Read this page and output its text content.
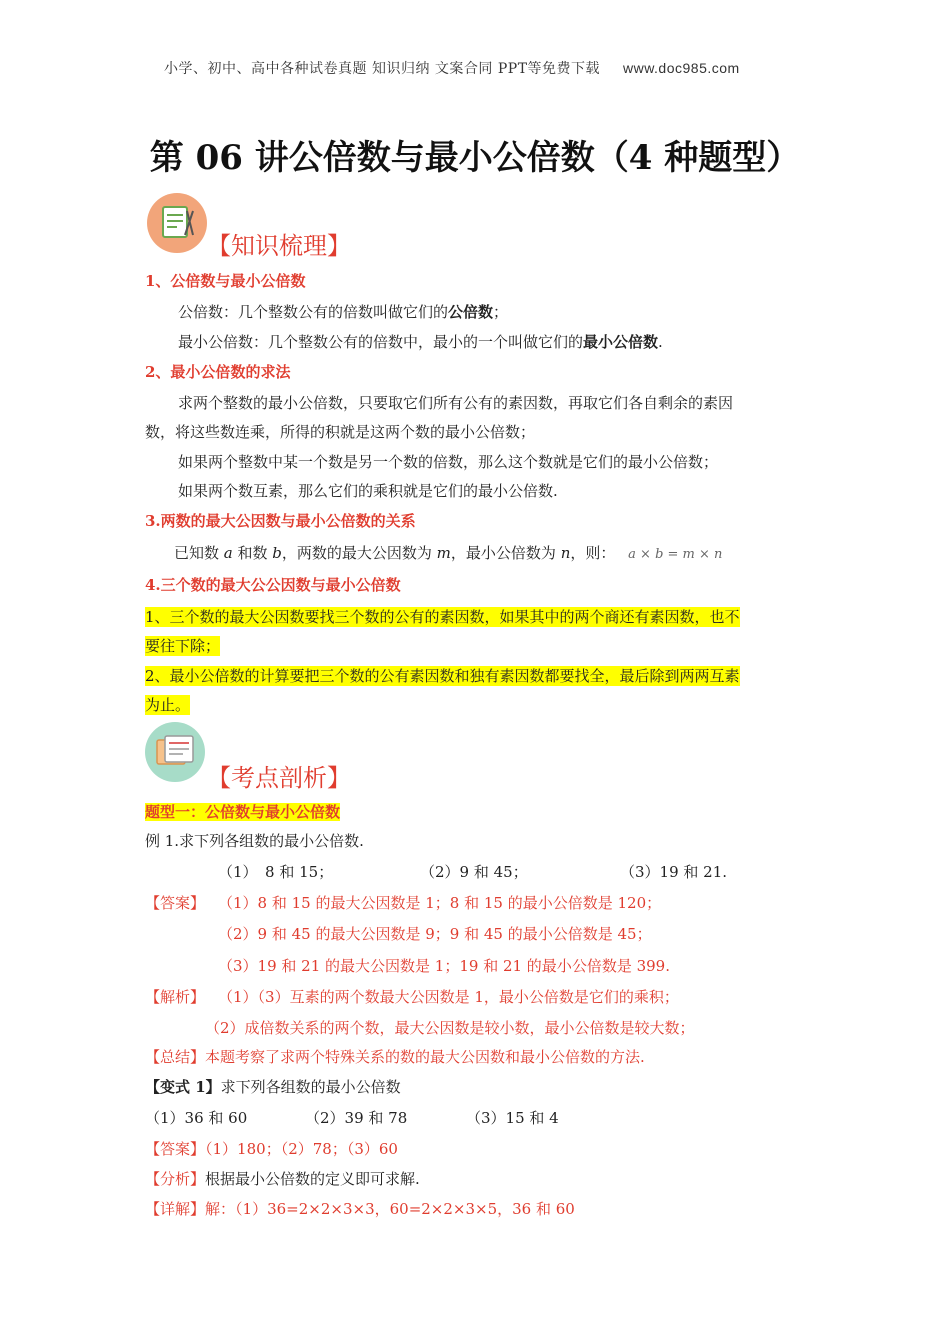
小学、初中、高中各种试卷真题 知识归纳 文案合同 PPT等免费下载 www.doc985.com
第 06 讲公倍数与最小公倍数（4 种题型）
【知识梳理】
1、公倍数与最小公倍数
公倍数：几个整数公有的倍数叫做它们的公倍数；
最小公倍数：几个整数公有的倍数中，最小的一个叫做它们的最小公倍数.
2、最小公倍数的求法
求两个整数的最小公倍数，只要取它们所有公有的素因数，再取它们各自剩余的素因
数，将这些数连乘，所得的积就是这两个数的最小公倍数；
如果两个整数中某一个数是另一个数的倍数，那么这个数就是它们的最小公倍数；
如果两个数互素，那么它们的乘积就是它们的最小公倍数.
3.两数的最大公因数与最小公倍数的关系
已知数 a 和数 b，两数的最大公因数为 m，最小公倍数为 n，则： a × b = m × n
4.三个数的最大公公因数与最小公倍数
1、三个数的最大公因数要找三个数的公有的素因数，如果其中的两个商还有素因数，也不
要往下除；
2、最小公倍数的计算要把三个数的公有素因数和独有素因数都要找全，最后除到两两互素
为止。
【考点剖析】
题型一：公倍数与最小公倍数
例 1.求下列各组数的最小公倍数.
（1）　8 和 15；	（2）9 和 45；	（3）19 和 21.
【答案】 （1）8 和 15 的最大公因数是 1；8 和 15 的最小公倍数是 120；
（2）9 和 45 的最大公因数是 9；9 和 45 的最小公倍数是 45；
（3）19 和 21 的最大公因数是 1；19 和 21 的最小公倍数是 399.
【解析】 （1）（3）互素的两个数最大公因数是 1，最小公倍数是它们的乘积；
（2）成倍数关系的两个数，最大公因数是较小数，最小公倍数是较大数；
【总结】本题考察了求两个特殊关系的数的最大公因数和最小公倍数的方法.
【变式 1】求下列各组数的最小公倍数
（1）36 和 60	（2）39 和 78	（3）15 和 4
【答案】（1）180；（2）78；（3）60
【分析】根据最小公倍数的定义即可求解.
【详解】解：（1）36=2×2×3×3，60=2×2×3×5，36 和 60
